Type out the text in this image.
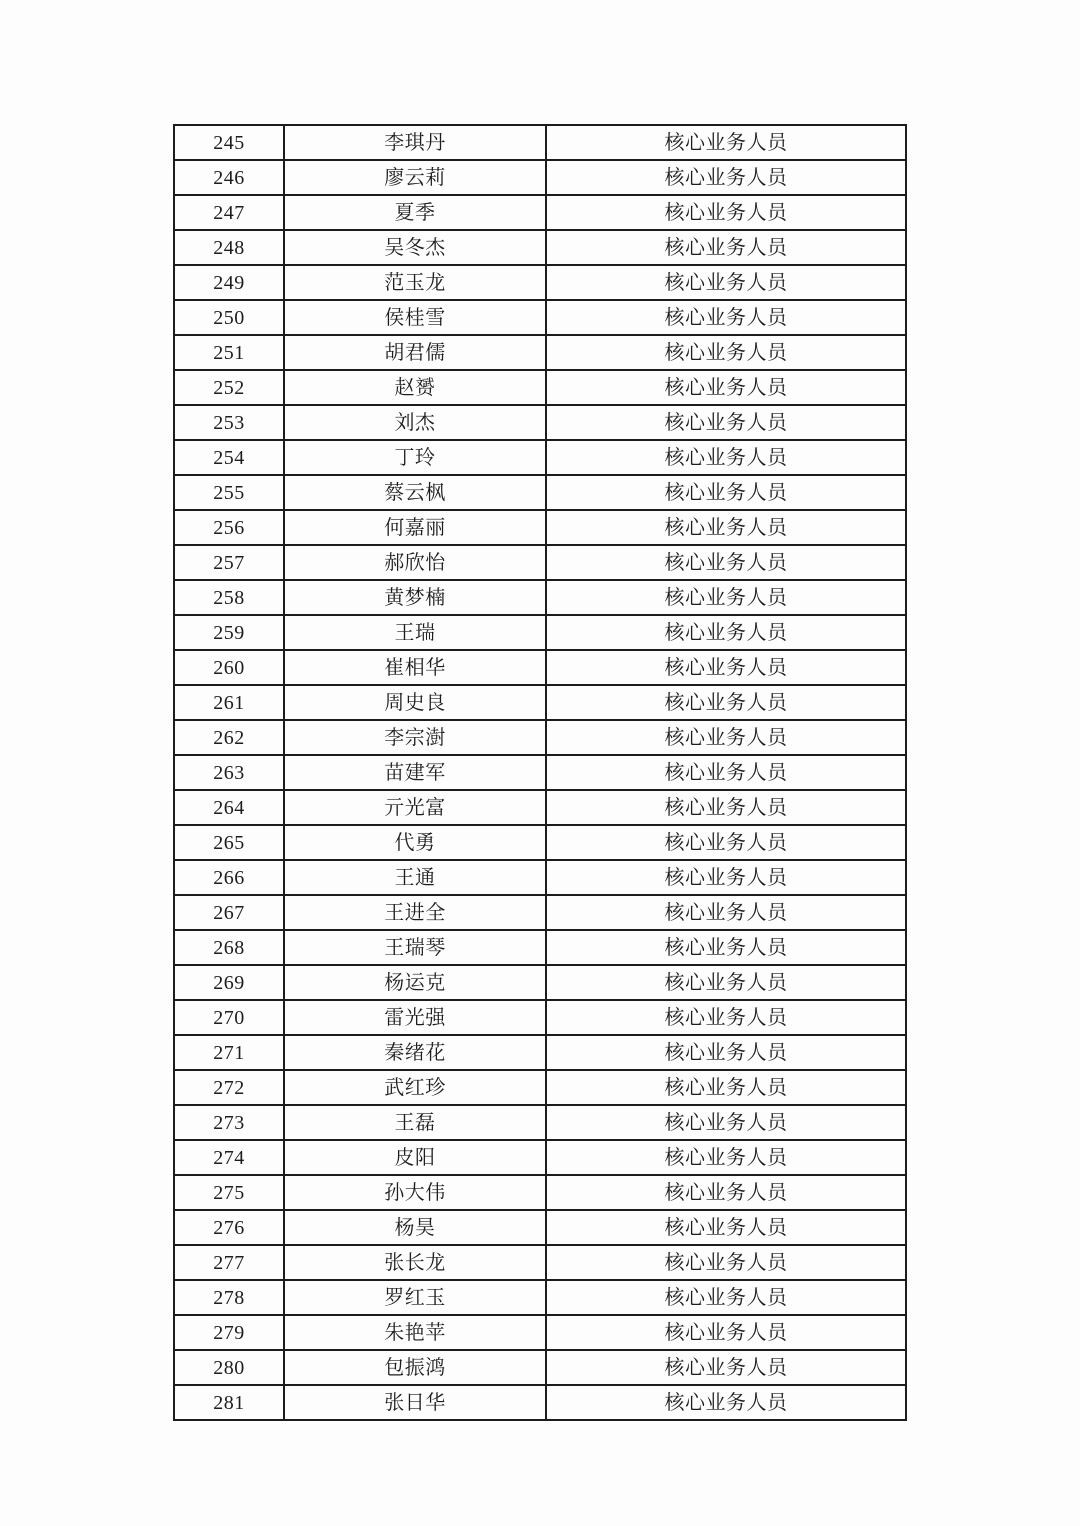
245	李琪丹	核心业务人员
246	廖云莉	核心业务人员
247	夏季	核心业务人员
248	吴冬杰	核心业务人员
249	范玉龙	核心业务人员
250	侯桂雪	核心业务人员
251	胡君儒	核心业务人员
252	赵赟	核心业务人员
253	刘杰	核心业务人员
254	丁玲	核心业务人员
255	蔡云枫	核心业务人员
256	何嘉丽	核心业务人员
257	郝欣怡	核心业务人员
258	黄梦楠	核心业务人员
259	王瑞	核心业务人员
260	崔相华	核心业务人员
261	周史良	核心业务人员
262	李宗澍	核心业务人员
263	苗建军	核心业务人员
264	亓光富	核心业务人员
265	代勇	核心业务人员
266	王通	核心业务人员
267	王进全	核心业务人员
268	王瑞琴	核心业务人员
269	杨运克	核心业务人员
270	雷光强	核心业务人员
271	秦绪花	核心业务人员
272	武红珍	核心业务人员
273	王磊	核心业务人员
274	皮阳	核心业务人员
275	孙大伟	核心业务人员
276	杨昊	核心业务人员
277	张长龙	核心业务人员
278	罗红玉	核心业务人员
279	朱艳苹	核心业务人员
280	包振鸿	核心业务人员
281	张日华	核心业务人员
